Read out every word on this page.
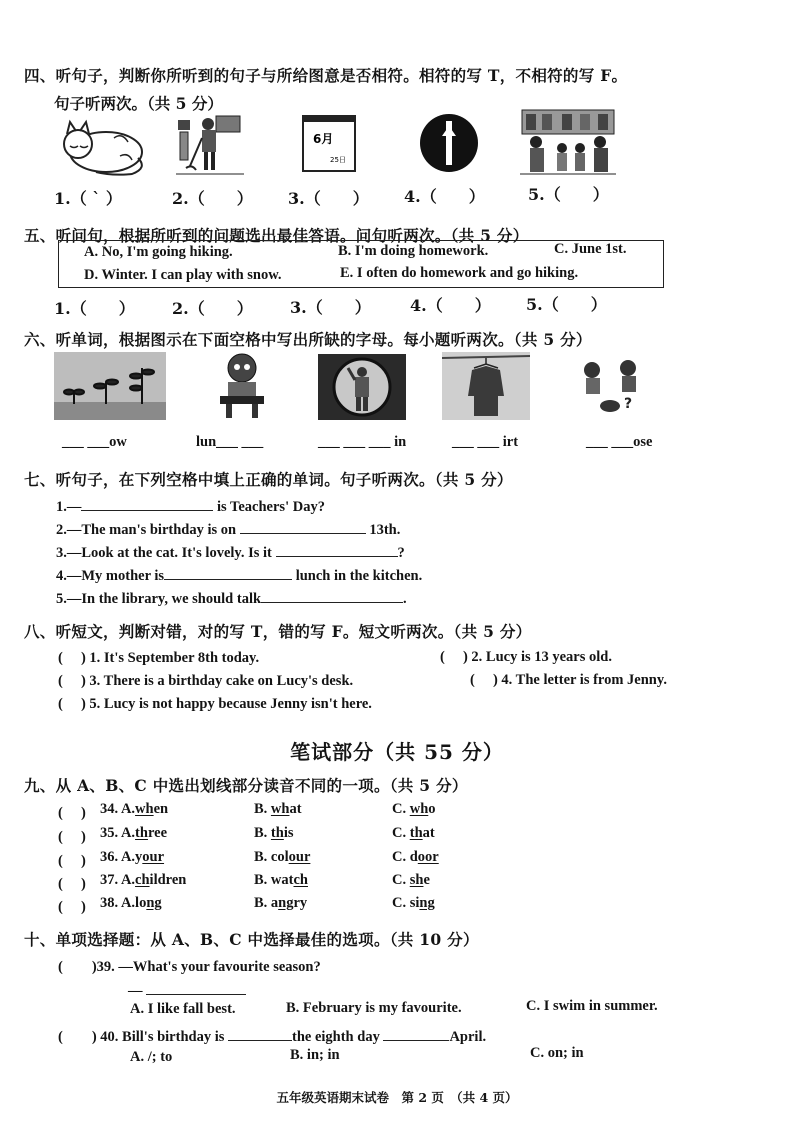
四、听句子，判断你所听到的句子与所给图意是否相符。相符的写 T，不相符的写 F。
句子听两次。（共 5 分）
6月
25日
1.（ ˋ ）	2.（　　） 3.（　　） 4.（　　）	5.（　　）
五、听问句，根据所听到的问题选出最佳答语。问句听两次。（共 5 分）
A. No, I'm going hiking.	B. I'm doing homework.	C. June 1st.
D. Winter. I can play with snow.	E. I often do homework and go hiking.
1.（　　） 2.（　　） 3.（　　） 4.（　　） 5.（　　）
六、听单词，根据图示在下面空格中写出所缺的字母。每小题听两次。（共 5 分）
?
___ ___ow	lun___ ___	___ ___ ___ in	___ ___ irt	___ ___ose
七、听句子，在下列空格中填上正确的单词。句子听两次。（共 5 分）
1.—	is Teachers' Day?
2.—The man's birthday is on	13th.
3.—Look at the cat. It's lovely. Is it	?
4.—My mother is	lunch in the kitchen.
5.—In the library, we should talk	.
八、听短文，判断对错，对的写 T，错的写 F。短文听两次。（共 5 分）
(　 ) 1. It's September 8th today.	(　 ) 2. Lucy is 13 years old.
(　 ) 3. There is a birthday cake on Lucy's desk.	(　 ) 4. The letter is from Jenny.
(　 ) 5. Lucy is not happy because Jenny isn't here.
笔试部分（共 55 分）
九、从 A、B、C 中选出划线部分读音不同的一项。（共 5 分）
(　 ) 34. A.when	B. what	C. who
(　 ) 35. A.three	B. this	C. that
(　 ) 36. A.your	B. colour	C. door
(　 ) 37. A.children	B. watch	C. she
(　 ) 38. A.long	B. angry	C. sing
十、单项选择题：从 A、B、C 中选择最佳的选项。（共 10 分）
(　　)39. —What's your favourite season?
—
A. I like fall best.	B. February is my favourite.	C. I swim in summer.
(　　) 40. Bill's birthday is	the eighth day	April.
A. /; to	B. in; in	C. on; in
五年级英语期末试卷　第 2 页　（共 4 页）
